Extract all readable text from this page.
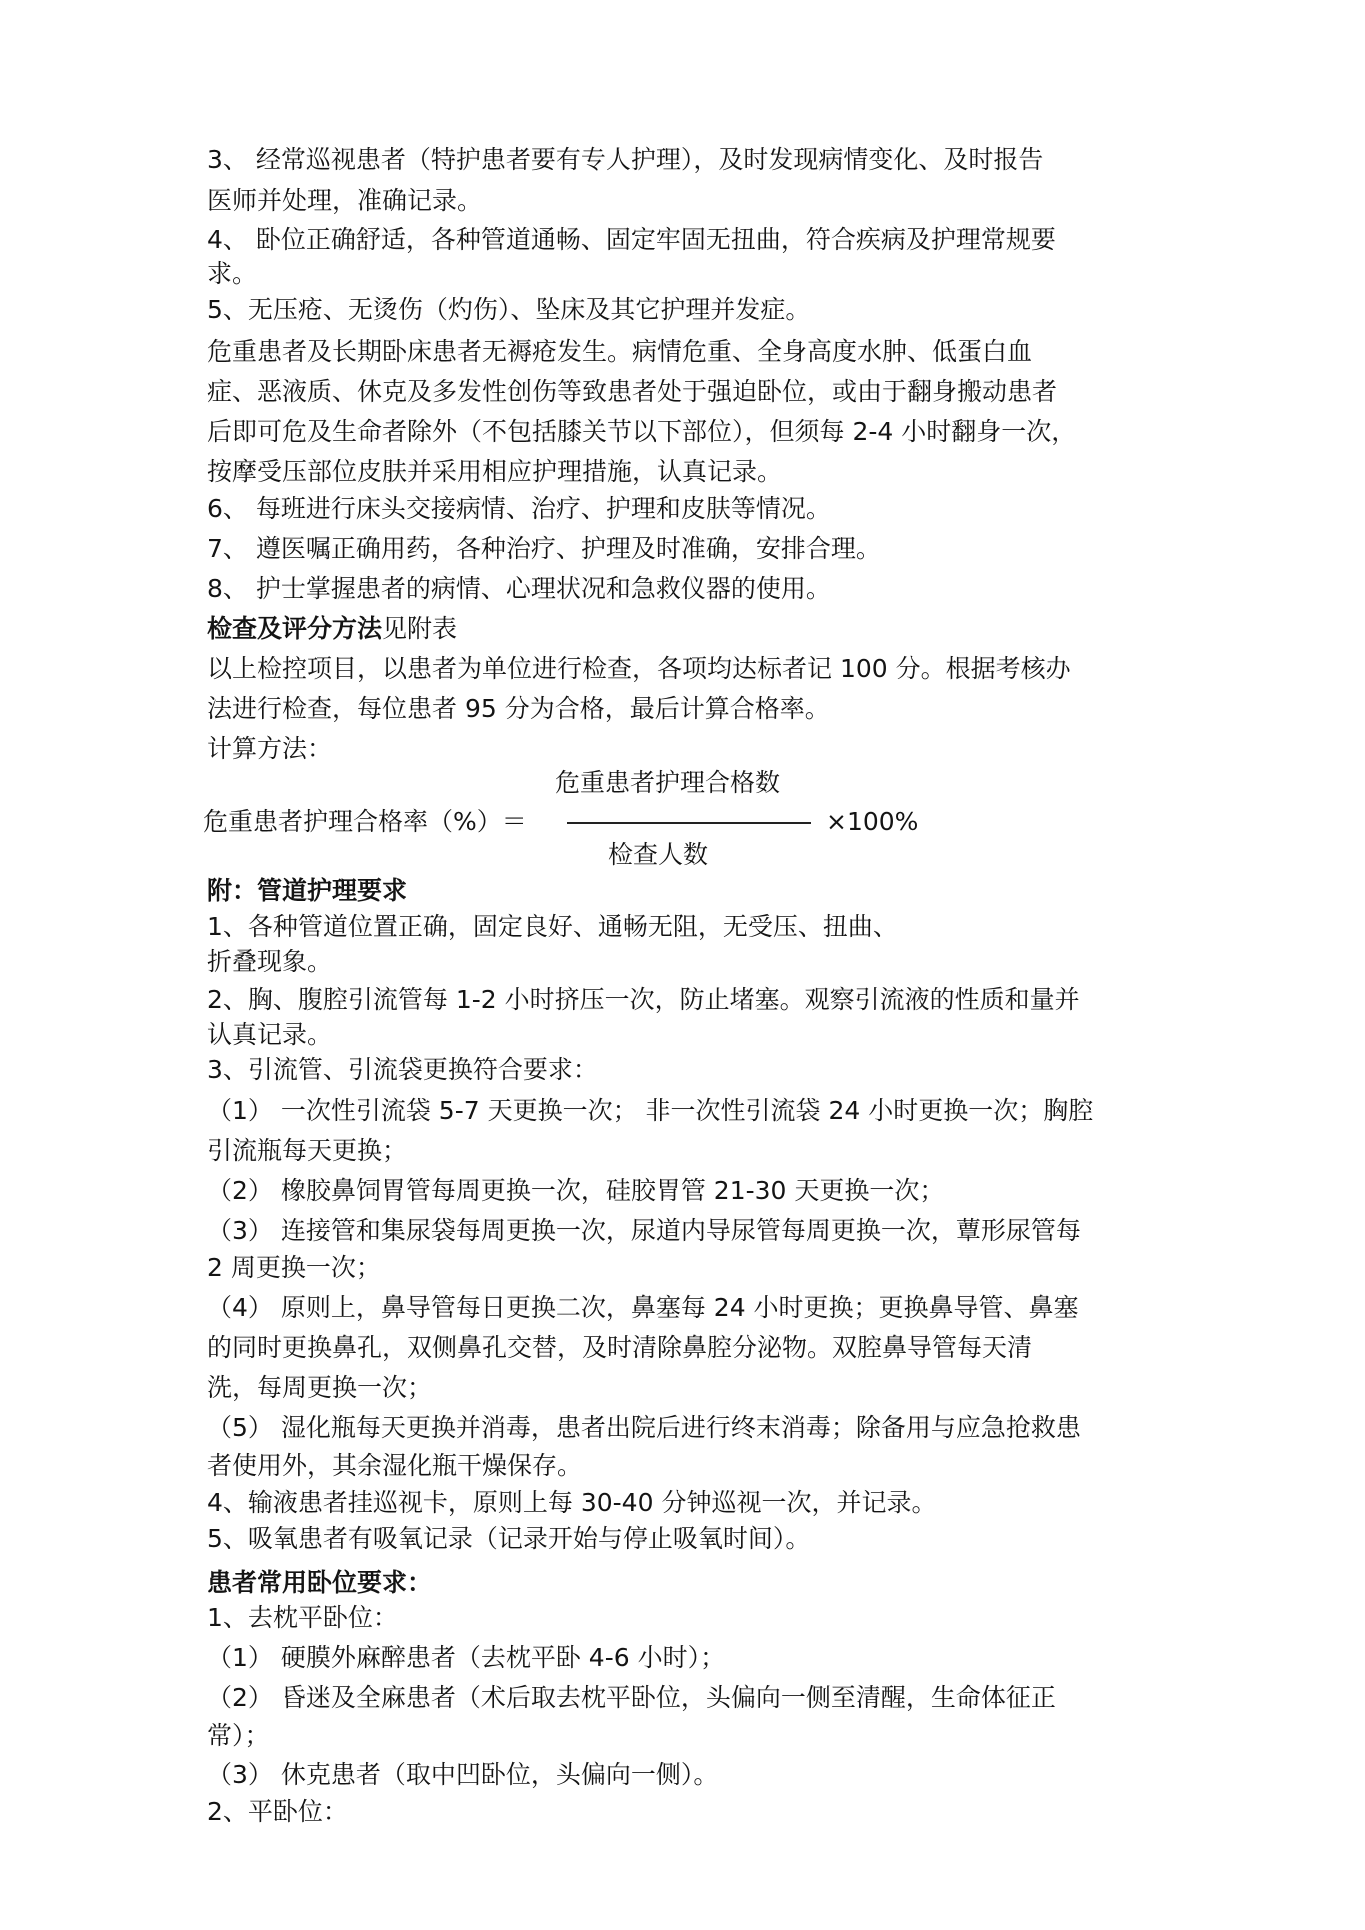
3、 经常巡视患者（特护患者要有专人护理），及时发现病情变化、及时报告
医师并处理，准确记录。
4、 卧位正确舒适，各种管道通畅、固定牢固无扭曲，符合疾病及护理常规要
求。
5、无压疮、无烫伤（灼伤）、坠床及其它护理并发症。
危重患者及长期卧床患者无褥疮发生。病情危重、全身高度水肿、低蛋白血
症、恶液质、休克及多发性创伤等致患者处于强迫卧位，或由于翻身搬动患者
后即可危及生命者除外（不包括膝关节以下部位），但须每 2-4 小时翻身一次，
按摩受压部位皮肤并采用相应护理措施，认真记录。
6、 每班进行床头交接病情、治疗、护理和皮肤等情况。
7、 遵医嘱正确用药，各种治疗、护理及时准确，安排合理。
8、 护士掌握患者的病情、心理状况和急救仪器的使用。
检查及评分方法见附表
以上检控项目，以患者为单位进行检查，各项均达标者记 100 分。根据考核办
法进行检查，每位患者 95 分为合格，最后计算合格率。
计算方法：
危重患者护理合格数
危重患者护理合格率（%）＝	×100%
检查人数
附：管道护理要求
1、各种管道位置正确，固定良好、通畅无阻，无受压、扭曲、
折叠现象。
2、胸、腹腔引流管每 1-2 小时挤压一次，防止堵塞。观察引流液的性质和量并
认真记录。
3、引流管、引流袋更换符合要求：
（1） 一次性引流袋 5-7 天更换一次； 非一次性引流袋 24 小时更换一次；胸腔
引流瓶每天更换；
（2） 橡胶鼻饲胃管每周更换一次，硅胶胃管 21-30 天更换一次；
（3） 连接管和集尿袋每周更换一次，尿道内导尿管每周更换一次，蕈形尿管每
2 周更换一次；
（4） 原则上，鼻导管每日更换二次，鼻塞每 24 小时更换；更换鼻导管、鼻塞
的同时更换鼻孔，双侧鼻孔交替，及时清除鼻腔分泌物。双腔鼻导管每天清
洗，每周更换一次；
（5） 湿化瓶每天更换并消毒，患者出院后进行终末消毒；除备用与应急抢救患
者使用外，其余湿化瓶干燥保存。
4、输液患者挂巡视卡，原则上每 30-40 分钟巡视一次，并记录。
5、吸氧患者有吸氧记录（记录开始与停止吸氧时间）。
患者常用卧位要求：
1、去枕平卧位：
（1） 硬膜外麻醉患者（去枕平卧 4-6 小时）；
（2） 昏迷及全麻患者（术后取去枕平卧位，头偏向一侧至清醒，生命体征正
常）；
（3） 休克患者（取中凹卧位，头偏向一侧）。
2、平卧位：
